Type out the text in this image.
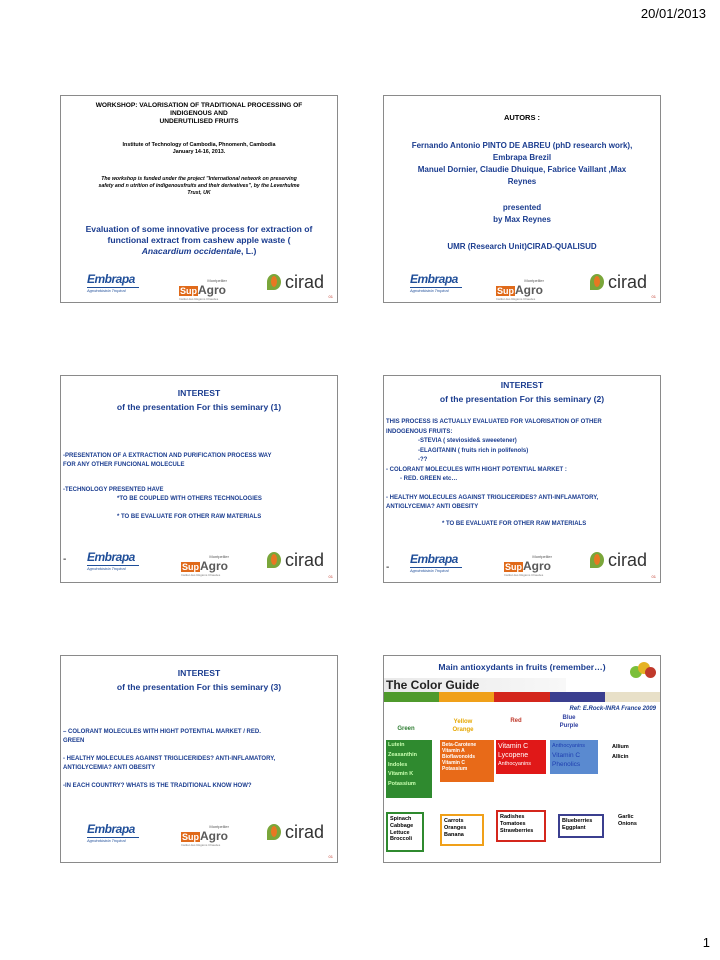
20/01/2013
WORKSHOP: VALORISATION OF TRADITIONAL PROCESSING OF
INDIGENOUS AND
UNDERUTILISED FRUITS
Institute of Technology of Cambodia, Phnomenh, Cambodia
January 14-16, 2013.
The workshop is funded under the project "International network on preserving
safety and n utrition of indigenousfruits and their derivatives", by the Leverhulme
Trust, UK
Evaluation of some innovative process for extraction of
functional extract from cashew apple waste (
Anacardium occidentale, L.)
Embrapa
Agroindústria Tropical
Montpellier
SupAgro
Institut des Régions Chaudes
cirad
01
AUTORS :
Fernando Antonio PINTO DE ABREU (phD research work),
Embrapa Brezil
Manuel Dornier, Claudie Dhuique, Fabrice Vaillant ,Max
Reynes
presented
by Max Reynes
UMR (Research Unit)CIRAD-QUALISUD
Embrapa
Agroindústria Tropical
Montpellier
SupAgro
Institut des Régions Chaudes
cirad
01
INTEREST
of the presentation For this seminary (1)
-PRESENTATION OF A EXTRACTION AND PURIFICATION PROCESS WAY
FOR ANY OTHER FUNCIONAL MOLECULE
-TECHNOLOGY PRESENTED HAVE
*TO BE COUPLED WITH OTHERS TECHNOLOGIES
* TO BE EVALUATE FOR OTHER RAW MATERIALS
- Embrapa
Agroindústria Tropical
Montpellier
SupAgro
Institut des Régions Chaudes
cirad
01
INTEREST
of the presentation For this seminary (2)
THIS PROCESS IS ACTUALLY EVALUATED FOR VALORISATION OF OTHER
INDOGENOUS FRUITS:
-STEVIA ( stevioside& sweeetener)
-ELAGITANIN ( fruits rich in polifenols)
-??
- COLORANT MOLECULES WITH HIGHT POTENTIAL MARKET :
- RED. GREEN etc…
- HEALTHY MOLECULES AGAINST TRIGLICERIDES? ANTI-INFLAMATORY,
ANTIGLYCEMIA? ANTI OBESITY
* TO BE EVALUATE FOR OTHER RAW MATERIALS
-
Embrapa
Agroindústria Tropical
Montpellier
SupAgro
Institut des Régions Chaudes
cirad
01
INTEREST
of the presentation For this seminary (3)
– COLORANT MOLECULES WITH HIGHT POTENTIAL MARKET / RED.
GREEN
- HEALTHY MOLECULES AGAINST TRIGLICERIDES? ANTI-INFLAMATORY,
ANTIGLYCEMIA? ANTI OBESITY
-IN EACH COUNTRY? WHATS IS THE TRADITIONAL KNOW HOW?
Embrapa
Agroindústria Tropical
Montpellier
SupAgro
Institut des Régions Chaudes
cirad
01
Main antioxydants in fruits (remember…)
The Color Guide
Ref: E.Rock-INRA France 2009
Green
Yellow
Orange
Red	Blue
Purple
Lutein
Zeaxanthin
Indoles
Vitamin K
Potassium
Beta-Carotene
Vitamin A
Bioflavonoids
Vitamin C
Potassium
Vitamin C
Lycopene
Anthocyanins
Anthocyanins
Vitamin C
Phenolics
Allium
Allicin
Spinach
Cabbage
Lettuce
Broccoli
Carrots
Oranges
Banana
Radishes
Tomatoes
Strawberries
Blueberries
Eggplant
Garlic
Onions
1
